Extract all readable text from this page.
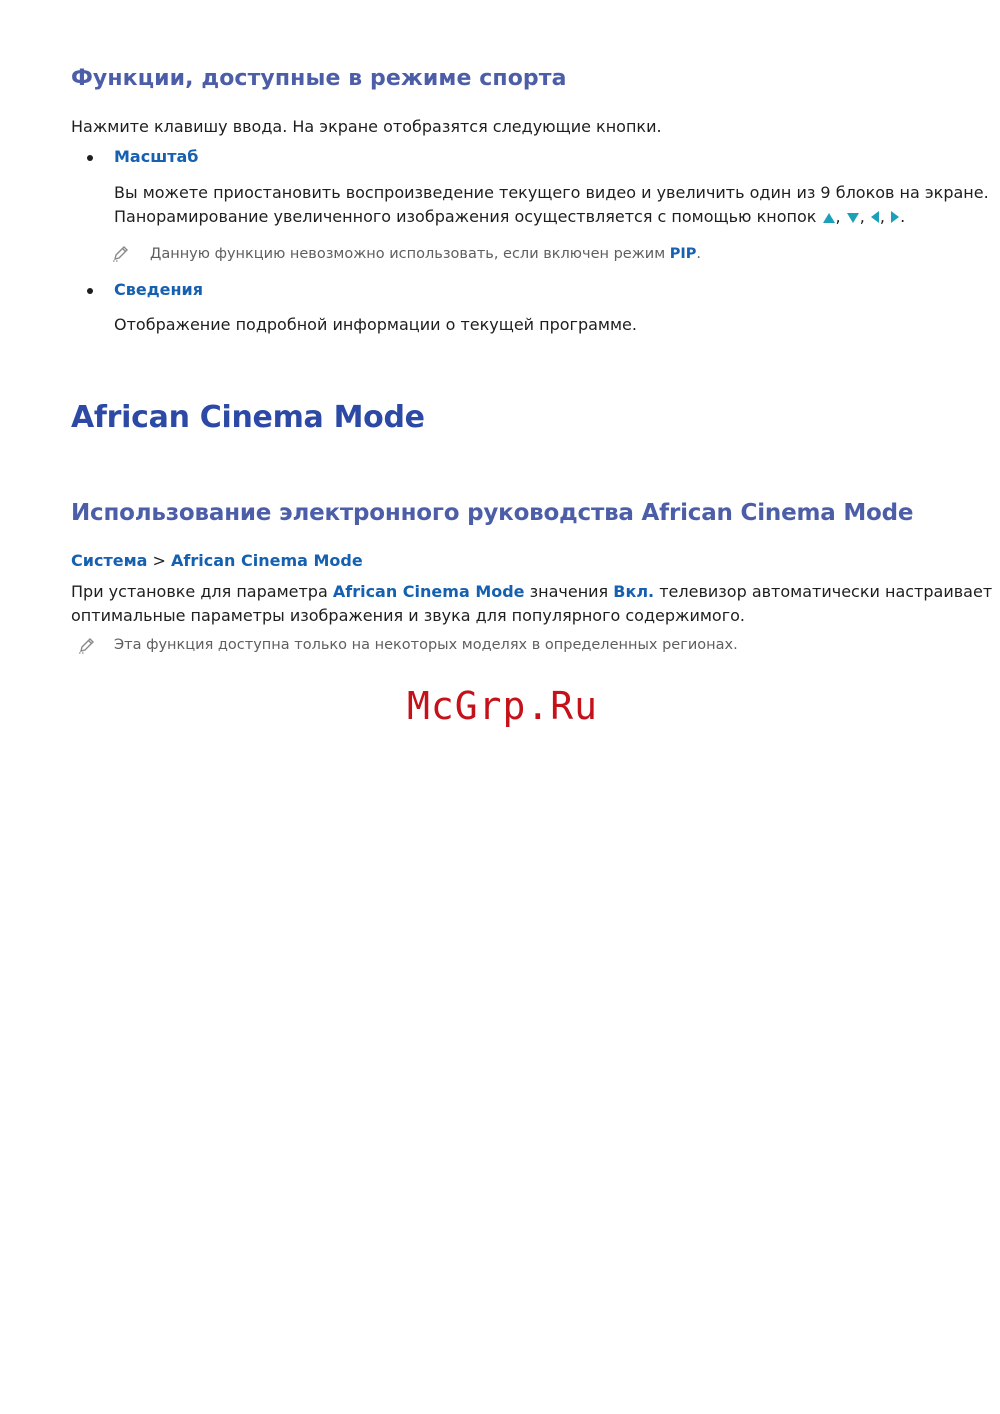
Функции, доступные в режиме спорта
Нажмите клавишу ввода. На экране отобразятся следующие кнопки.
Масштаб
Вы можете приостановить воспроизведение текущего видео и увеличить один из 9 блоков на экране.
Панорамирование увеличенного изображения осуществляется с помощью кнопок , , , .
Данную функцию невозможно использовать, если включен режим PIP.
Сведения
Отображение подробной информации о текущей программе.
African Cinema Mode
Использование электронного руководства African Cinema Mode
Система > African Cinema Mode
При установке для параметра African Cinema Mode значения Вкл. телевизор автоматически настраивает
оптимальные параметры изображения и звука для популярного содержимого.
Эта функция доступна только на некоторых моделях в определенных регионах.
McGrp.Ru
